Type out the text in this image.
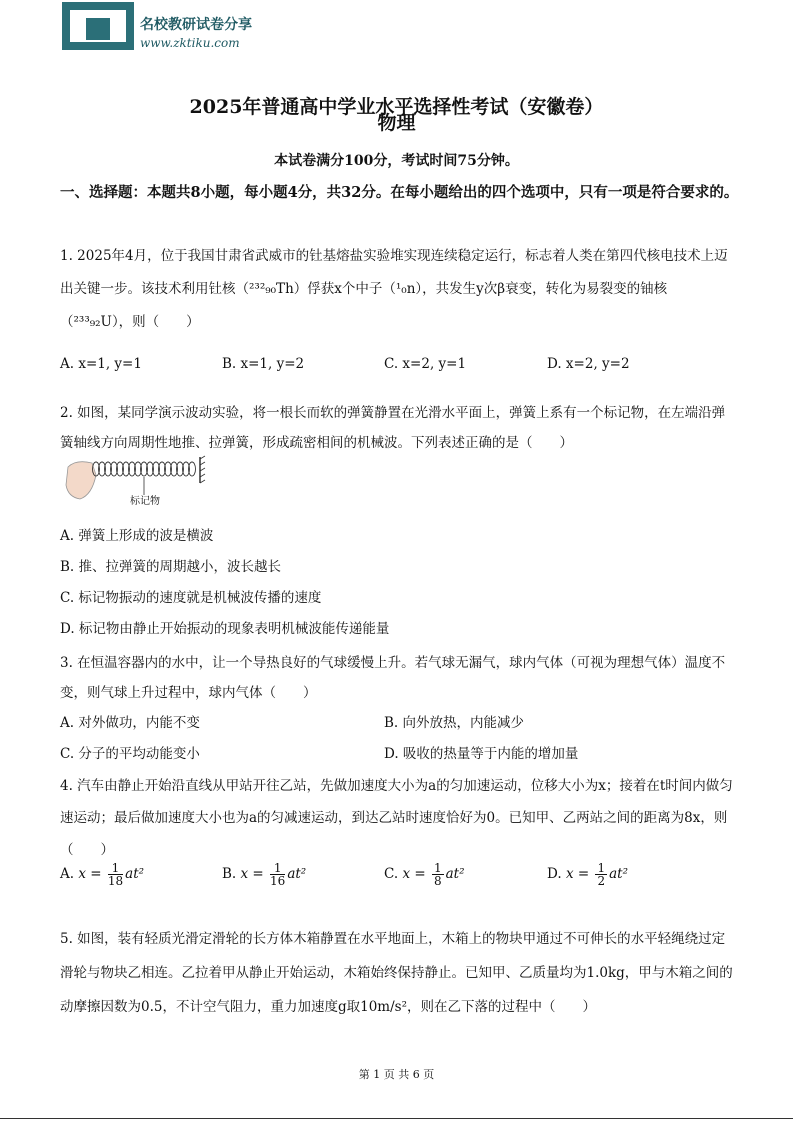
名校教研试卷分享
www.zktiku.com
2025年普通高中学业水平选择性考试（安徽卷）
物理
本试卷满分100分，考试时间75分钟。
一、选择题：本题共8小题，每小题4分，共32分。在每小题给出的四个选项中，只有一项是符合要求的。
1. 2025年4月，位于我国甘肃省武威市的钍基熔盐实验堆实现连续稳定运行，标志着人类在第四代核电技术上迈出关键一步。该技术利用钍核（²³²₉₀Th）俘获x个中子（¹₀n），共发生y次β衰变，转化为易裂变的铀核（²³³₉₂U），则（　　）
A. x=1, y=1	B. x=1, y=2	C. x=2, y=1	D. x=2, y=2
2. 如图，某同学演示波动实验，将一根长而软的弹簧静置在光滑水平面上，弹簧上系有一个标记物，在左端沿弹簧轴线方向周期性地推、拉弹簧，形成疏密相间的机械波。下列表述正确的是（　　）
标记物
A. 弹簧上形成的波是横波
B. 推、拉弹簧的周期越小，波长越长
C. 标记物振动的速度就是机械波传播的速度
D. 标记物由静止开始振动的现象表明机械波能传递能量
3. 在恒温容器内的水中，让一个导热良好的气球缓慢上升。若气球无漏气，球内气体（可视为理想气体）温度不变，则气球上升过程中，球内气体（　　）
A. 对外做功，内能不变	B. 向外放热，内能减少
C. 分子的平均动能变小	D. 吸收的热量等于内能的增加量
4. 汽车由静止开始沿直线从甲站开往乙站，先做加速度大小为a的匀加速运动，位移大小为x；接着在t时间内做匀速运动；最后做加速度大小也为a的匀减速运动，到达乙站时速度恰好为0。已知甲、乙两站之间的距离为8x，则（　　）
A. $x = \frac{1}{18} at^2$	B. $x = \frac{1}{16} at^2$	C. $x = \frac{1}{8} at^2$	D. $x = \frac{1}{2} at^2$
5. 如图，装有轻质光滑定滑轮的长方体木箱静置在水平地面上，木箱上的物块甲通过不可伸长的水平轻绳绕过定滑轮与物块乙相连。乙拉着甲从静止开始运动，木箱始终保持静止。已知甲、乙质量均为1.0kg，甲与木箱之间的动摩擦因数为0.5，不计空气阻力，重力加速度g取10m/s²，则在乙下落的过程中（　　）
第 1 页 共 6 页
